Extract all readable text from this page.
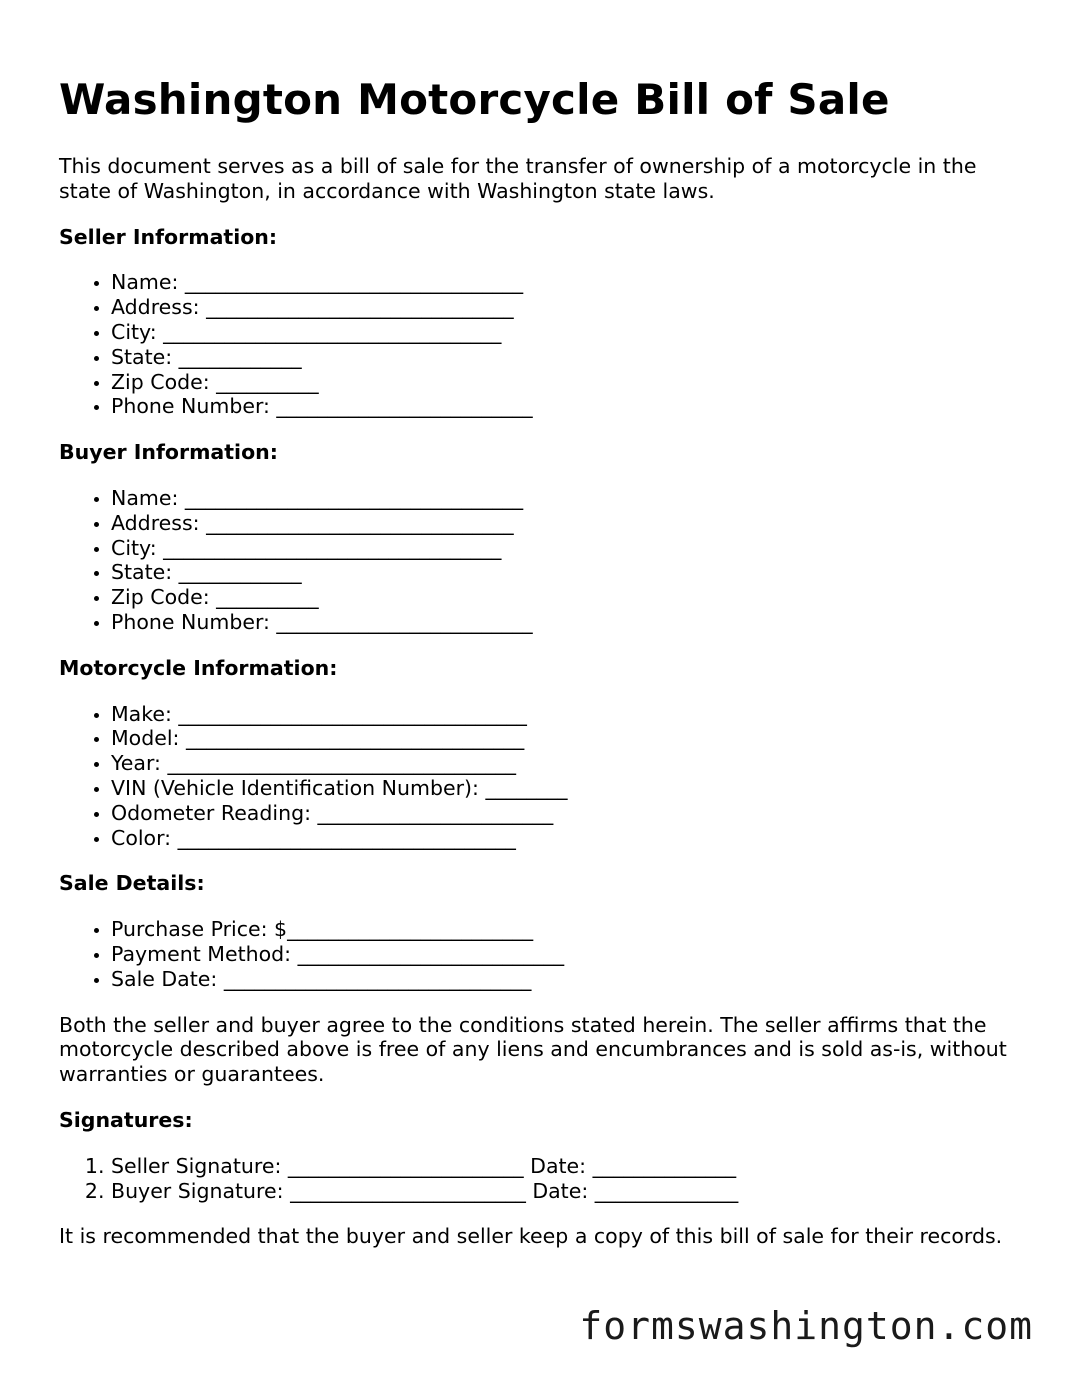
Washington Motorcycle Bill of Sale

This document serves as a bill of sale for the transfer of ownership of a motorcycle in the state of Washington, in accordance with Washington state laws.

Seller Information:

• Name: _________________________________
• Address: ______________________________
• City: _________________________________
• State: ____________
• Zip Code: __________
• Phone Number: _________________________

Buyer Information:

• Name: _________________________________
• Address: ______________________________
• City: _________________________________
• State: ____________
• Zip Code: __________
• Phone Number: _________________________

Motorcycle Information:

• Make: __________________________________
• Model: _________________________________
• Year: __________________________________
• VIN (Vehicle Identification Number): ________
• Odometer Reading: _______________________
• Color: _________________________________

Sale Details:

• Purchase Price: $________________________
• Payment Method: __________________________
• Sale Date: ______________________________

Both the seller and buyer agree to the conditions stated herein. The seller affirms that the motorcycle described above is free of any liens and encumbrances and is sold as-is, without warranties or guarantees.

Signatures:

1. Seller Signature: _______________________ Date: ______________
2. Buyer Signature: _______________________ Date: ______________

It is recommended that the buyer and seller keep a copy of this bill of sale for their records.

formswashington.com
